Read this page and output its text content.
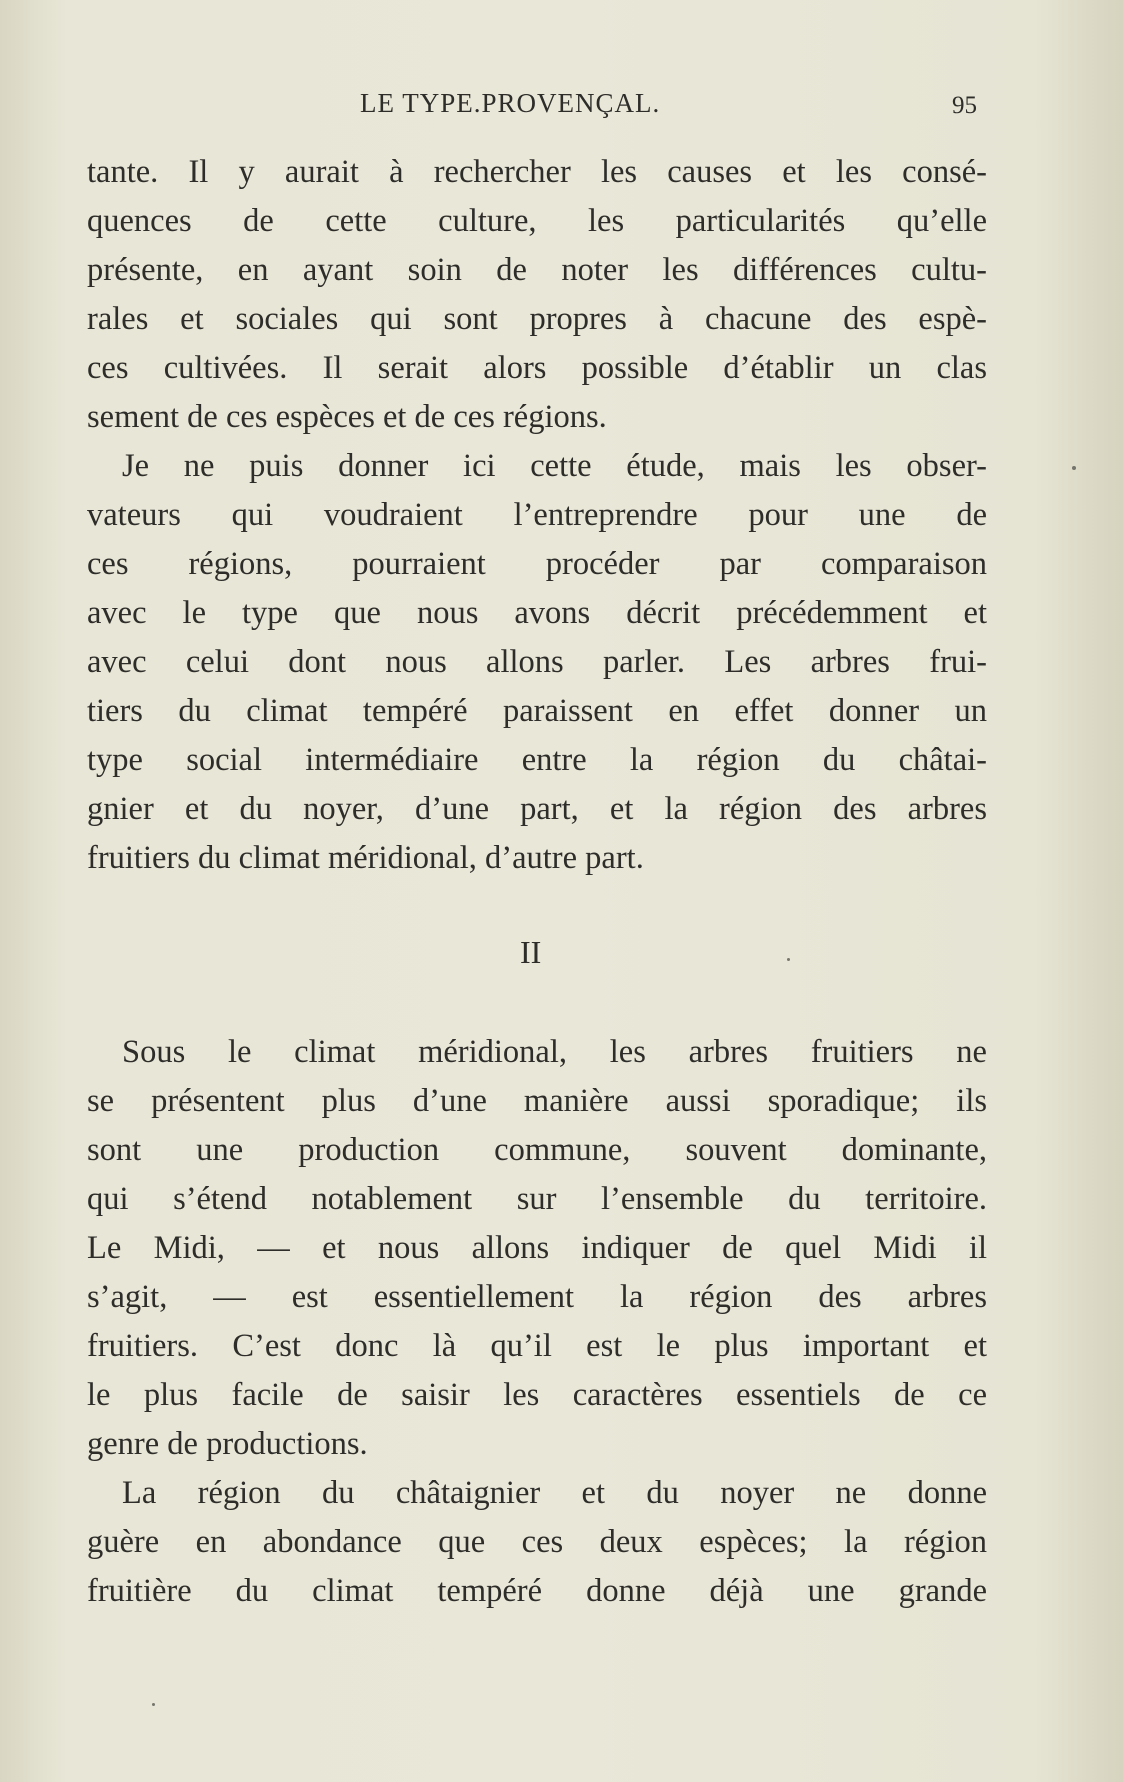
LE TYPE.PROVENÇAL.	95
tante. Il y aurait à rechercher les causes et les consé-
quences de cette culture, les particularités qu’elle
présente, en ayant soin de noter les différences cultu-
rales et sociales qui sont propres à chacune des espè-
ces cultivées. Il serait alors possible d’établir un clas
sement de ces espèces et de ces régions.
Je ne puis donner ici cette étude, mais les obser-
vateurs qui voudraient l’entreprendre pour une de
ces régions, pourraient procéder par comparaison
avec le type que nous avons décrit précédemment et
avec celui dont nous allons parler. Les arbres frui-
tiers du climat tempéré paraissent en effet donner un
type social intermédiaire entre la région du châtai-
gnier et du noyer, d’une part, et la région des arbres
fruitiers du climat méridional, d’autre part.
II
Sous le climat méridional, les arbres fruitiers ne
se présentent plus d’une manière aussi sporadique; ils
sont une production commune, souvent dominante,
qui s’étend notablement sur l’ensemble du territoire.
Le Midi, — et nous allons indiquer de quel Midi il
s’agit, — est essentiellement la région des arbres
fruitiers. C’est donc là qu’il est le plus important et
le plus facile de saisir les caractères essentiels de ce
genre de productions.
La région du châtaignier et du noyer ne donne
guère en abondance que ces deux espèces; la région
fruitière du climat tempéré donne déjà une grande
